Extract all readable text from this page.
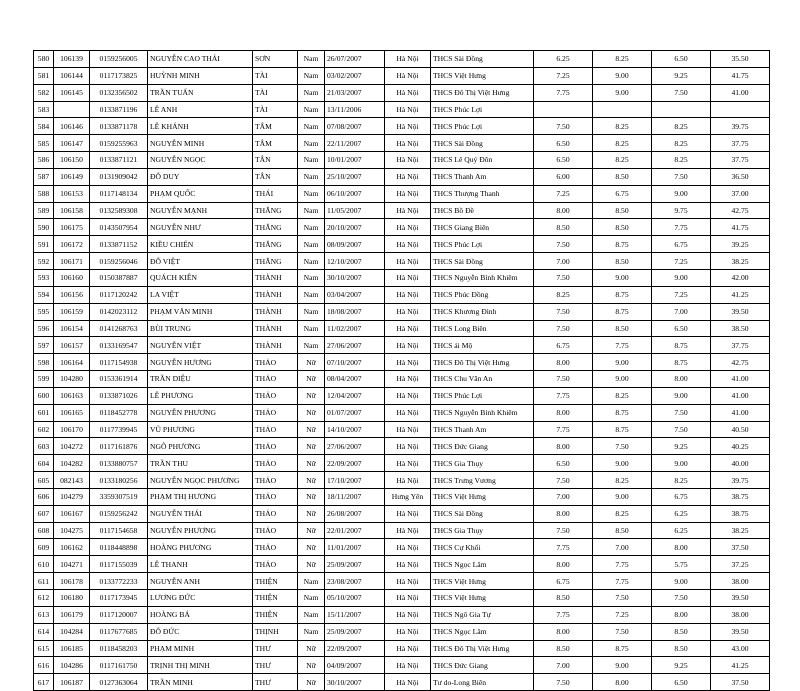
580	106139	0159256005	NGUYỄN CAO THÁI	SƠN	Nam	26/07/2007	Hà Nội	THCS Sài Đồng	6.25	8.25	6.50	35.50
581	106144	0117173825	HUỲNH MINH	TÀI	Nam	03/02/2007	Hà Nội	THCS Việt Hưng	7.25	9.00	9.25	41.75
582	106145	0132356502	TRẦN TUẤN	TÀI	Nam	21/03/2007	Hà Nội	THCS Đô Thị Việt Hưng	7.75	9.00	7.50	41.00
583		0133871196	LÊ ANH	TÀI	Nam	13/11/2006	Hà Nội	THCS Phúc Lợi				
584	106146	0133871178	LÊ KHÁNH	TÂM	Nam	07/08/2007	Hà Nội	THCS Phúc Lợi	7.50	8.25	8.25	39.75
585	106147	0159255963	NGUYỄN MINH	TÂM	Nam	22/11/2007	Hà Nội	THCS Sài Đồng	6.50	8.25	8.25	37.75
586	106150	0133871121	NGUYỄN NGỌC	TÂN	Nam	10/01/2007	Hà Nội	THCS Lê Quý Đôn	6.50	8.25	8.25	37.75
587	106149	0131909042	ĐỖ DUY	TÂN	Nam	25/10/2007	Hà Nội	THCS Thanh Am	6.00	8.50	7.50	36.50
588	106153	0117148134	PHẠM QUỐC	THÁI	Nam	06/10/2007	Hà Nội	THCS Thượng Thanh	7.25	6.75	9.00	37.00
589	106158	0132589308	NGUYỄN MẠNH	THẮNG	Nam	11/05/2007	Hà Nội	THCS Bồ Đề	8.00	8.50	9.75	42.75
590	106175	0143507954	NGUYỄN NHƯ	THẮNG	Nam	20/10/2007	Hà Nội	THCS Giang Biên	8.50	8.50	7.75	41.75
591	106172	0133871152	KIỀU CHIẾN	THẮNG	Nam	08/09/2007	Hà Nội	THCS Phúc Lợi	7.50	8.75	6.75	39.25
592	106171	0159256046	ĐỖ VIỆT	THẮNG	Nam	12/10/2007	Hà Nội	THCS Sài Đồng	7.00	8.50	7.25	38.25
593	106160	0150387887	QUÁCH KIÊN	THÀNH	Nam	30/10/2007	Hà Nội	THCS Nguyễn Bỉnh Khiêm	7.50	9.00	9.00	42.00
594	106156	0117120242	LA VIỆT	THÀNH	Nam	03/04/2007	Hà Nội	THCS Phúc Đồng	8.25	8.75	7.25	41.25
595	106159	0142023112	PHẠM VĂN MINH	THÀNH	Nam	18/08/2007	Hà Nội	THCS Khương Đình	7.50	8.75	7.00	39.50
596	106154	0141268763	BÙI TRUNG	THÀNH	Nam	11/02/2007	Hà Nội	THCS Long Biên	7.50	8.50	6.50	38.50
597	106157	0133169547	NGUYỄN VIỆT	THÀNH	Nam	27/06/2007	Hà Nội	THCS ái Mộ	6.75	7.75	8.75	37.75
598	106164	0117154938	NGUYỄN HƯƠNG	THẢO	Nữ	07/10/2007	Hà Nội	THCS Đô Thị Việt Hưng	8.00	9.00	8.75	42.75
599	104280	0153361914	TRẦN DIỆU	THẢO	Nữ	08/04/2007	Hà Nội	THCS Chu Văn An	7.50	9.00	8.00	41.00
600	106163	0133871026	LÊ PHƯƠNG	THẢO	Nữ	12/04/2007	Hà Nội	THCS Phúc Lợi	7.75	8.25	9.00	41.00
601	106165	0118452778	NGUYỄN PHƯƠNG	THẢO	Nữ	01/07/2007	Hà Nội	THCS Nguyễn Bỉnh Khiêm	8.00	8.75	7.50	41.00
602	106170	0117739945	VŨ PHƯƠNG	THẢO	Nữ	14/10/2007	Hà Nội	THCS Thanh Am	7.75	8.75	7.50	40.50
603	104272	0117161876	NGÔ PHƯƠNG	THẢO	Nữ	27/06/2007	Hà Nội	THCS Đức Giang	8.00	7.50	9.25	40.25
604	104282	0133880757	TRẦN THU	THẢO	Nữ	22/09/2007	Hà Nội	THCS Gia Thụy	6.50	9.00	9.00	40.00
605	082143	0133180256	NGUYỄN NGỌC PHƯƠNG	THẢO	Nữ	17/10/2007	Hà Nội	THCS Trưng Vương	7.50	8.25	8.25	39.75
606	104279	3359307519	PHẠM THỊ HƯƠNG	THẢO	Nữ	18/11/2007	Hưng Yên	THCS Việt Hưng	7.00	9.00	6.75	38.75
607	106167	0159256242	NGUYỄN THÁI	THẢO	Nữ	26/08/2007	Hà Nội	THCS Sài Đồng	8.00	8.25	6.25	38.75
608	104275	0117154658	NGUYỄN PHƯƠNG	THẢO	Nữ	22/01/2007	Hà Nội	THCS Gia Thụy	7.50	8.50	6.25	38.25
609	106162	0118448898	HOÀNG PHƯƠNG	THẢO	Nữ	11/01/2007	Hà Nội	THCS Cự Khối	7.75	7.00	8.00	37.50
610	104271	0117155039	LÊ THANH	THẢO	Nữ	25/09/2007	Hà Nội	THCS Ngọc Lâm	8.00	7.75	5.75	37.25
611	106178	0133772233	NGUYỄN ANH	THIỆN	Nam	23/08/2007	Hà Nội	THCS Việt Hưng	6.75	7.75	9.00	38.00
612	106180	0117173945	LƯƠNG ĐỨC	THIỆN	Nam	05/10/2007	Hà Nội	THCS Việt Hưng	8.50	7.50	7.50	39.50
613	106179	0117120007	HOÀNG BÁ	THIỆN	Nam	15/11/2007	Hà Nội	THCS Ngô Gia Tự	7.75	7.25	8.00	38.00
614	104284	0117677685	ĐỖ ĐỨC	THỊNH	Nam	25/09/2007	Hà Nội	THCS Ngọc Lâm	8.00	7.50	8.50	39.50
615	106185	0118458203	PHẠM MINH	THƯ	Nữ	22/09/2007	Hà Nội	THCS Đô Thị Việt Hưng	8.50	8.75	8.50	43.00
616	104286	0117161750	TRỊNH THỊ MINH	THƯ	Nữ	04/09/2007	Hà Nội	THCS Đức Giang	7.00	9.00	9.25	41.25
617	106187	0127363064	TRẦN MINH	THƯ	Nữ	30/10/2007	Hà Nội	Tư do-Long Biên	7.50	8.00	6.50	37.50
